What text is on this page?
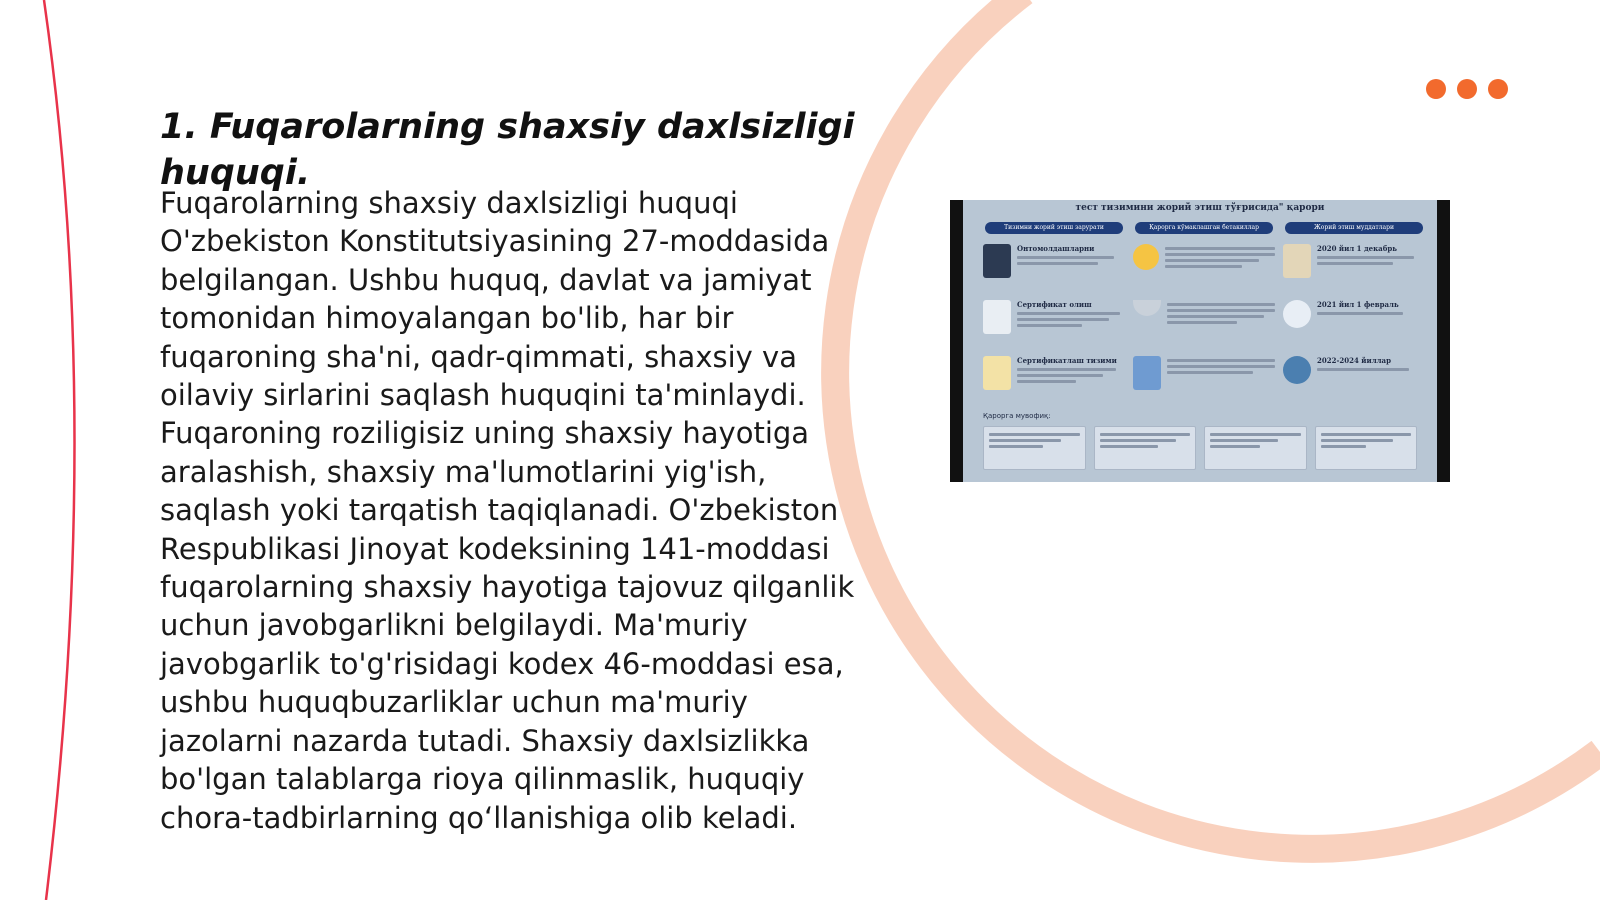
1. Fuqarolarning shaxsiy daxlsizligi huquqi.

Fuqarolarning shaxsiy daxlsizligi huquqi O'zbekiston Konstitutsiyasining 27-moddasida belgilangan. Ushbu huquq, davlat va jamiyat tomonidan himoyalangan bo'lib, har bir fuqaroning sha'ni, qadr-qimmati, shaxsiy va oilaviy sirlarini saqlash huquqini ta'minlaydi. Fuqaroning roziligisiz uning shaxsiy hayotiga aralashish, shaxsiy ma'lumotlarini yig'ish, saqlash yoki tarqatish taqiqlanadi. O'zbekiston Respublikasi Jinoyat kodeksining 141-moddasi fuqarolarning shaxsiy hayotiga tajovuz qilganlik uchun javobgarlikni belgilaydi. Ma'muriy javobgarlik to'g'risidagi kodex 46-moddasi esa, ushbu huquqbuzarliklar uchun ma'muriy jazolarni nazarda tutadi. Shaxsiy daxlsizlikka bo'lgan talablarga rioya qilinmaslik, huquqiy chora-tadbirlarning qo‘llanishiga olib keladi.

тест тизимини жорий этиш тўғрисида" қарори
Тизимни жорий этиш зарурати
Онтомолдашларни
Сертификат олиш
Сертификатлаш тизими
Қарорга кўмаклашган бетакиллар	Жорий этиш муддатлари
2020 йил 1 декабрь
2021 йил 1 февраль
2022-2024 йиллар
Қарорга мувофиқ:
